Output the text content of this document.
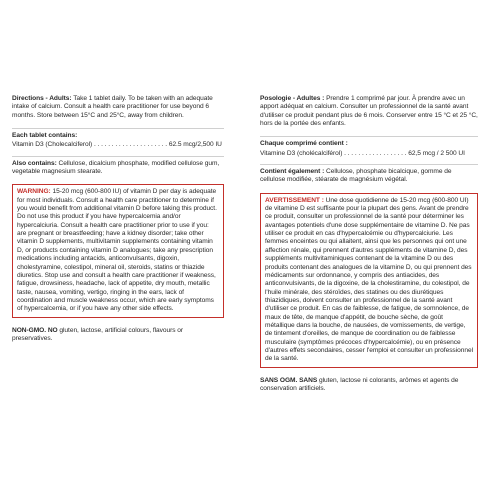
Directions - Adults: Take 1 tablet daily. To be taken with an adequate intake of calcium. Consult a health care practitioner for use beyond 6 months. Store between 15°C and 25°C, away from children.

Each tablet contains:
Vitamin D3 (Cholecalciferol) . . . . . . . . . . . . . . . . . . . . . 62.5 mcg/2,500 IU

Also contains: Cellulose, dicalcium phosphate, modified cellulose gum, vegetable magnesium stearate.

WARNING: 15-20 mcg (600-800 IU) of vitamin D per day is adequate for most individuals. Consult a health care practitioner to determine if you would benefit from additional vitamin D before taking this product. Do not use this product if you have hypercalcemia and/or hypercalciuria. Consult a health care practitioner prior to use if you: are pregnant or breastfeeding; have a kidney disorder; take other vitamin D supplements, multivitamin supplements containing vitamin D, or products containing vitamin D analogues; take any prescription medications including antacids, anticonvulsants, digoxin, cholestyramine, colestipol, mineral oil, steroids, statins or thiazide diuretics. Stop use and consult a health care practitioner if weakness, fatigue, drowsiness, headache, lack of appetite, dry mouth, metallic taste, nausea, vomiting, vertigo, ringing in the ears, lack of coordination and muscle weakness occur, which are early symptoms of hypercalcemia, or if you have any other side effects.

NON-GMO. NO gluten, lactose, artificial colours, flavours or preservatives.

Posologie - Adultes : Prendre 1 comprimé par jour. À prendre avec un apport adéquat en calcium. Consulter un professionnel de la santé avant d'utiliser ce produit pendant plus de 6 mois. Conserver entre 15 °C et 25 °C, hors de la portée des enfants.

Chaque comprimé contient :
Vitamine D3 (cholécalciférol) . . . . . . . . . . . . . . . . . . 62,5 mcg / 2 500 UI

Contient également : Cellulose, phosphate bicalcique, gomme de cellulose modifiée, stéarate de magnésium végétal.

AVERTISSEMENT : Une dose quotidienne de 15-20 mcg (600-800 UI) de vitamine D est suffisante pour la plupart des gens. Avant de prendre ce produit, consulter un professionnel de la santé pour déterminer les avantages potentiels d'une dose supplémentaire de vitamine D. Ne pas utiliser ce produit en cas d'hypercalcémie ou d'hypercalciurie. Les femmes enceintes ou qui allaitent, ainsi que les personnes qui ont une affection rénale, qui prennent d'autres suppléments de vitamine D, des suppléments multivitaminiques contenant de la vitamine D ou des produits contenant des analogues de la vitamine D, ou qui prennent des médicaments sur ordonnance, y compris des antiacides, des anticonvulsivants, de la digoxine, de la cholestiramine, du colestipol, de l'huile minérale, des stéroïdes, des statines ou des diurétiques thiazidiques, doivent consulter un professionnel de la santé avant d'utiliser ce produit. En cas de faiblesse, de fatigue, de somnolence, de maux de tête, de manque d'appétit, de bouche sèche, de goût métallique dans la bouche, de nausées, de vomissements, de vertige, de tintement d'oreilles, de manque de coordination ou de faiblesse musculaire (symptômes précoces d'hypercalcémie), ou en présence d'autres effets secondaires, cesser l'emploi et consulter un professionnel de la santé.

SANS OGM. SANS gluten, lactose ni colorants, arômes et agents de conservation artificiels.
